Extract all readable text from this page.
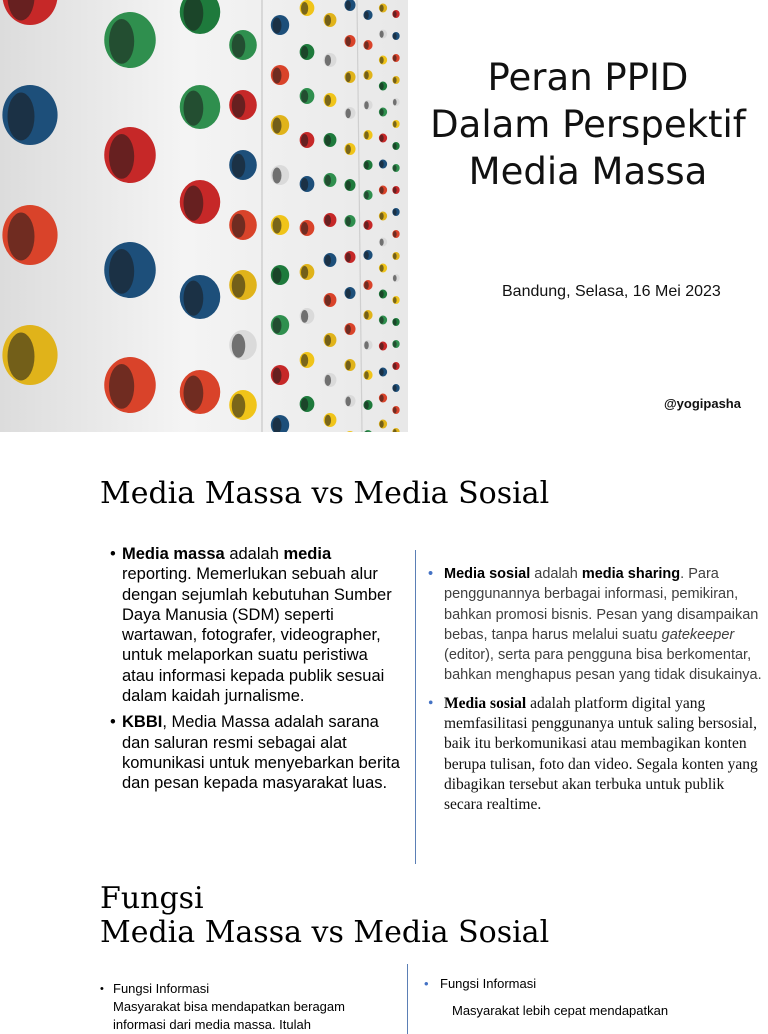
Peran PPID
Dalam Perspektif
Media Massa
Bandung, Selasa, 16 Mei 2023
@yogipasha
Media Massa vs Media Sosial
• Media massa adalah media reporting. Memerlukan sebuah alur dengan sejumlah kebutuhan Sumber Daya Manusia (SDM) seperti wartawan, fotografer, videographer, untuk melaporkan suatu peristiwa atau informasi kepada publik sesuai dalam kaidah jurnalisme.
• KBBI, Media Massa adalah sarana dan saluran resmi sebagai alat komunikasi untuk menyebarkan berita dan pesan kepada masyarakat luas.
• Media sosial adalah media sharing. Para penggunannya berbagai informasi, pemikiran, bahkan promosi bisnis. Pesan yang disampaikan bebas, tanpa harus melalui suatu gatekeeper (editor), serta para pengguna bisa berkomentar, bahkan menghapus pesan yang tidak disukainya.
• Media sosial adalah platform digital yang memfasilitasi penggunanya untuk saling bersosial, baik itu berkomunikasi atau membagikan konten berupa tulisan, foto dan video. Segala konten yang dibagikan tersebut akan terbuka untuk publik secara realtime.
Fungsi
Media Massa vs Media Sosial
• Fungsi Informasi
Masyarakat bisa mendapatkan beragam informasi dari media massa. Itulah
• Fungsi Informasi
Masyarakat lebih cepat mendapatkan
